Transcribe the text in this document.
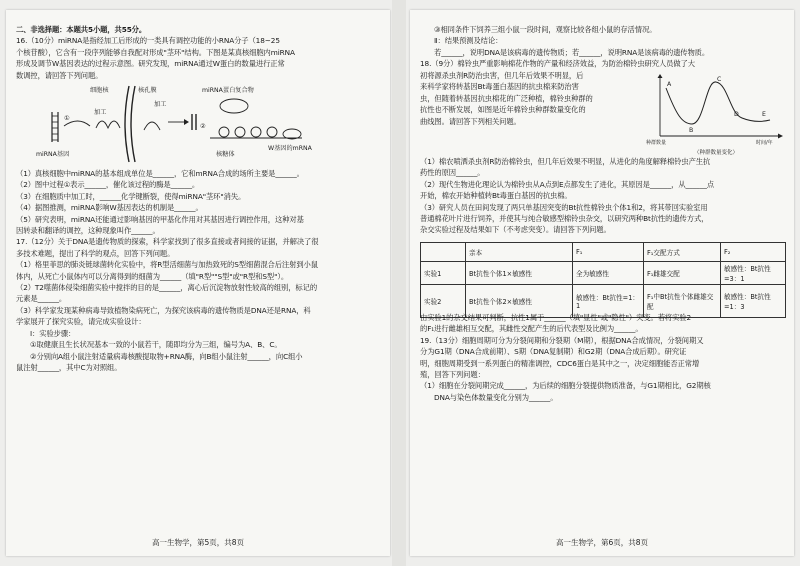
二、非选择题：本题共5小题，共55分。

16.（10分）miRNA是指经加工后形成的一类具有调控功能的小RNA分子（18~25

个核苷酸），它含有一段序列能够自我配对形成"茎环"结构。下图是某真核细胞内miRNA

形成及调节W基因表达的过程示意图。研究发现，miRNA通过W蛋白的数量进行正常

数调控，请回答下列问题。

miRNA基因
①
细胞核	核孔膜
加工
加工
miRNA蛋白复合物
②
核糖体
W基因的mRNA

（1）真核细胞中miRNA的基本组成单位是______，它和mRNA合成的场所主要是______。

（2）图中过程①表示______，催化该过程的酶是______。

（3）在细胞质中加工时，______化学键断裂，使得miRNA"茎环"消失。

（4）据图推测，miRNA影响W基因表达的机制是______。

（5）研究表明，miRNA还能通过影响基因的甲基化作用对其基因进行调控作用，这种对基

因转录和翻译的调控，这种现象叫作______。

17.（12分）关于DNA是遗传物质的探索，科学家找到了很多直接或者间接的证据，并解决了很

多技术难题，提出了科学的观点，回答下列问题。

（1）格里菲思的肺炎链球菌转化实验中，将R型活细菌与加热致死的S型细菌混合后注射到小鼠

体内，从死亡小鼠体内可以分离得到的细菌为______（填"R型""S型"或"R型和S型"）。

（2）T2噬菌体侵染细菌实验中搅拌的目的是______，离心后沉淀物放射性较高的组别，标记的

元素是______。

（3）科学家发现某种病毒导致植物染病死亡，为探究该病毒的遗传物质是DNA还是RNA，科

学家展开了探究实验，请完成实验设计：

Ⅰ：实验步骤：

①取健康且生长状况基本一致的小鼠若干，随即均分为三组，编号为A、B、C。

②分别向A组小鼠注射适量病毒核酸提取物+RNA酶，向B组小鼠注射______，向C组小

鼠注射______，其中C为对照组。

高一生物学，第5页，共8页

③相同条件下饲养三组小鼠一段时间，观察比较各组小鼠的存活情况。

Ⅱ：结果预测及结论：

若______，说明DNA是该病毒的遗传物质；若______，说明RNA是该病毒的遗传物质。

18.（9分）棉铃虫严重影响棉花作物的产量和经济效益，为防治棉铃虫研究人员做了大

初将源杀虫剂R防治虫害，但几年后效果不明显，后

来科学家将转基因Bt毒蛋白基因的抗虫棉来防治害

虫，但随着转基因抗虫棉花的广泛种植，棉铃虫种群的

抗性也不断发展，如图是近年棉铃虫种群数量变化的

曲线图。请回答下列相关问题。

A
B
C
D	E
种群数量	时间/年
（种群数量变化）

（1）棉农喷洒杀虫剂R防治棉铃虫，但几年后效果不明显，从进化的角度解释棉铃虫产生抗

药性的原因______。

（2）现代生物进化理论认为棉铃虫从A点到E点都发生了进化，其原因是______，从______点

开始，棉农开始种植转Bt毒蛋白基因的抗虫棉。

（3）研究人员在田间发现了两只单基因突变的Bt抗性棉铃虫个体1和2，将其带回实验室用

普通棉花叶片进行饲养，并使其与纯合敏感型棉铃虫杂交，以研究两种Bt抗性的遗传方式，

杂交实验过程及结果如下（不考虑突变）。请回答下列问题。

	亲本	F₁	F₁交配方式	F₂
实验1	Bt抗性个体1×敏感性	全为敏感性	F₁雌雄交配	敏感性：Bt抗性=3：1
实验2	Bt抗性个体2×敏感性	敏感性：Bt抗性=1：1	F₁中Bt抗性个体雌雄交配	敏感性：Bt抗性=1：3

由实验1的杂交结果可判断，抗性1属于______（填"显性"或"隐性"）突变。若将实验2

的F₁进行雌雄相互交配，其雌性交配产生的后代表型及比例为______。

19.（13分）细胞周期可分为分裂间期和分裂期（M期），根据DNA合成情况，分裂间期又

分为G1期（DNA合成前期）、S期（DNA复制期）和G2期（DNA合成后期）。研究证

明，细胞周期受到一系列蛋白的精准调控，CDC6蛋白是其中之一，决定细胞能否正常增

殖，回答下列问题：

（1）细胞在分裂间期完成______，为后续的细胞分裂提供物质准备，与G1期相比，G2期核

DNA与染色体数量变化分别为______。

高一生物学，第6页，共8页
